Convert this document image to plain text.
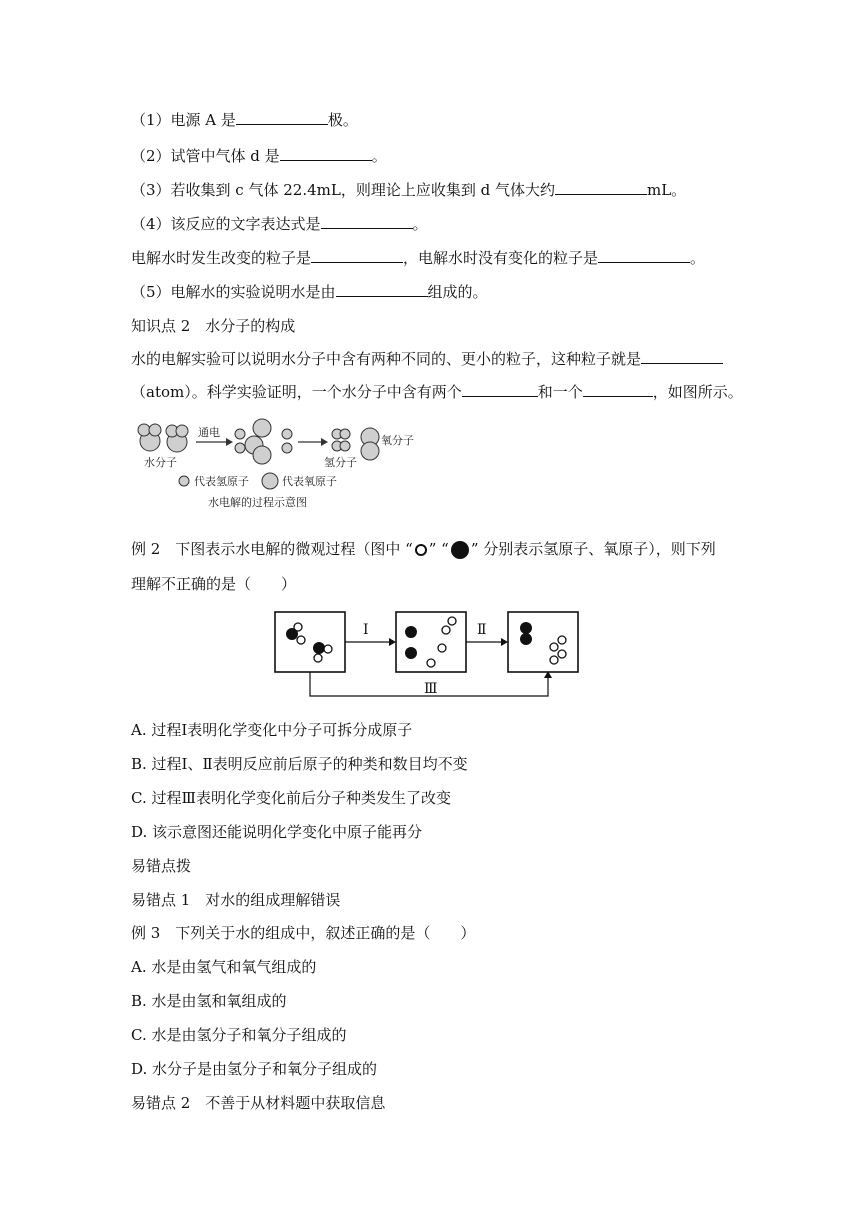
（1）电源 A 是	极。
（2）试管中气体 d 是	。
（3）若收集到 c 气体 22.4mL，则理论上应收集到 d 气体大约	mL。
（4）该反应的文字表达式是	。
电解水时发生改变的粒子是	，电解水时没有变化的粒子是	。
（5）电解水的实验说明水是由	组成的。
知识点 2　水分子的构成
水的电解实验可以说明水分子中含有两种不同的、更小的粒子，这种粒子就是
（atom）。科学实验证明，一个水分子中含有两个	和一个	，如图所示。
通电
水分子	氢分子
氧分子
代表氢原子	代表氧原子
水电解的过程示意图
例 2　下图表示水电解的微观过程（图中 “ ” “ ” 分别表示氢原子、氧原子），则下列
理解不正确的是（　　）
Ⅰ	Ⅱ
Ⅲ
A. 过程Ⅰ表明化学变化中分子可拆分成原子
B. 过程Ⅰ、Ⅱ表明反应前后原子的种类和数目均不变
C. 过程Ⅲ表明化学变化前后分子种类发生了改变
D. 该示意图还能说明化学变化中原子能再分
易错点拨
易错点 1　对水的组成理解错误
例 3　下列关于水的组成中，叙述正确的是（　　）
A. 水是由氢气和氧气组成的
B. 水是由氢和氧组成的
C. 水是由氢分子和氧分子组成的
D. 水分子是由氢分子和氧分子组成的
易错点 2　不善于从材料题中获取信息
